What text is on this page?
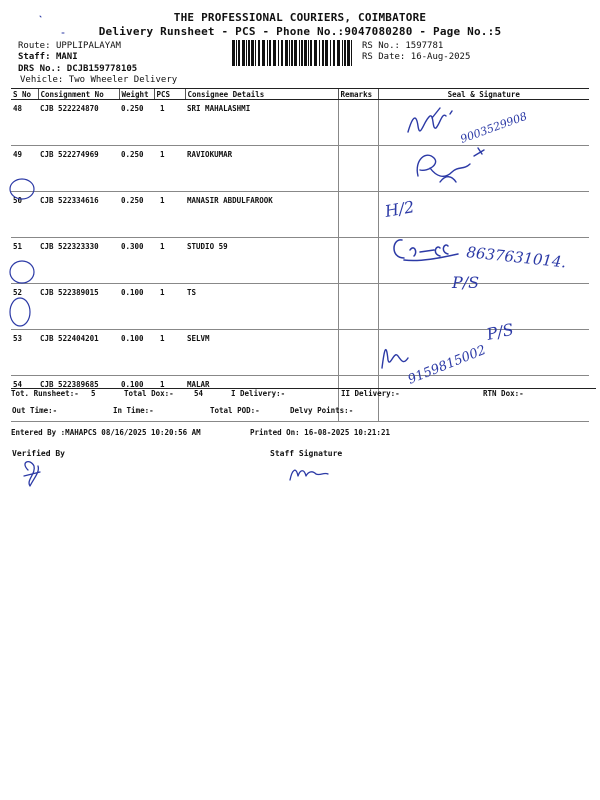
THE PROFESSIONAL COURIERS, COIMBATORE
Delivery Runsheet - PCS - Phone No.:9047080280 - Page No.:5
Route: UPPLIPALAYAM
Staff: MANI
DRS No.: DCJB159778105
Vehicle: Two Wheeler Delivery
RS No.: 1597781
RS Date: 16-Aug-2025
S No	Consignment No	Weight	PCS	Consignee Details	Remarks	Seal & Signature
48	CJB 522224870	0.250	1	SRI MAHALASHMI		
49	CJB 522274969	0.250	1	RAVIOKUMAR		
50	CJB 522334616	0.250	1	MANASIR ABDULFAROOK		
51	CJB 522323330	0.300	1	STUDIO 59		
52	CJB 522389015	0.100	1	TS		
53	CJB 522404201	0.100	1	SELVM		
54	CJB 522389685	0.100	1	MALAR		
Tot. Runsheet:- 5	Total Dox:-	54	I Delivery:-	II Delivery:-	RTN Dox:-
Out Time:-	In Time:-	Total POD:-	Delvy Points:-
Entered By :MAHAPCS 08/16/2025 10:20:56 AM	Printed On: 16-08-2025 10:21:21
Verified By	Staff Signature
9003529908
H/2
8637631014.
P/S
P/S
9159815002
